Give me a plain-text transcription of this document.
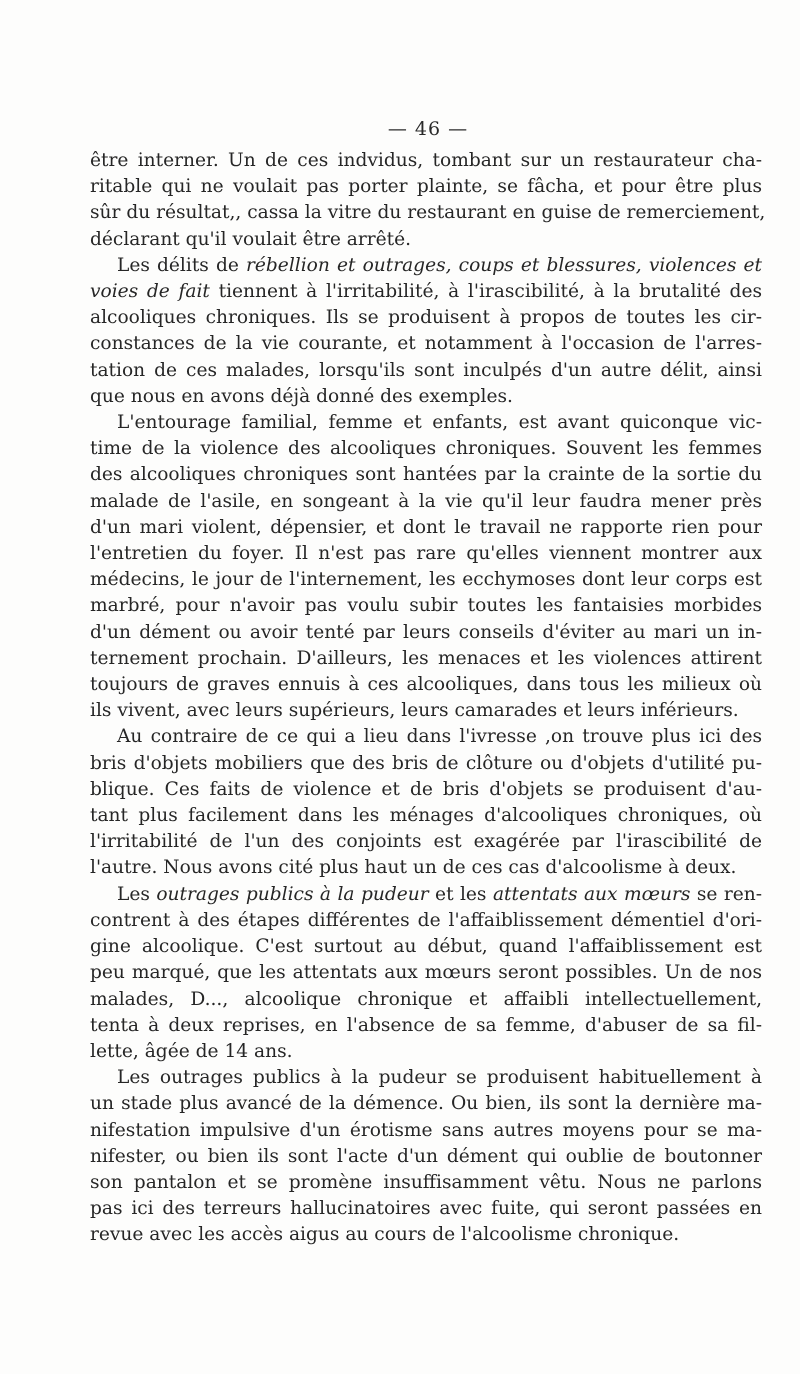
— 46 —
être interner. Un de ces indvidus, tombant sur un restaurateur cha-
ritable qui ne voulait pas porter plainte, se fâcha, et pour être plus
sûr du résultat,, cassa la vitre du restaurant en guise de remerciement,
déclarant qu'il voulait être arrêté.
Les délits de rébellion et outrages, coups et blessures, violences et
voies de fait tiennent à l'irritabilité, à l'irascibilité, à la brutalité des
alcooliques chroniques. Ils se produisent à propos de toutes les cir-
constances de la vie courante, et notamment à l'occasion de l'arres-
tation de ces malades, lorsqu'ils sont inculpés d'un autre délit, ainsi
que nous en avons déjà donné des exemples.
L'entourage familial, femme et enfants, est avant quiconque vic-
time de la violence des alcooliques chroniques. Souvent les femmes
des alcooliques chroniques sont hantées par la crainte de la sortie du
malade de l'asile, en songeant à la vie qu'il leur faudra mener près
d'un mari violent, dépensier, et dont le travail ne rapporte rien pour
l'entretien du foyer. Il n'est pas rare qu'elles viennent montrer aux
médecins, le jour de l'internement, les ecchymoses dont leur corps est
marbré, pour n'avoir pas voulu subir toutes les fantaisies morbides
d'un dément ou avoir tenté par leurs conseils d'éviter au mari un in-
ternement prochain. D'ailleurs, les menaces et les violences attirent
toujours de graves ennuis à ces alcooliques, dans tous les milieux où
ils vivent, avec leurs supérieurs, leurs camarades et leurs inférieurs.
Au contraire de ce qui a lieu dans l'ivresse ,on trouve plus ici des
bris d'objets mobiliers que des bris de clôture ou d'objets d'utilité pu-
blique. Ces faits de violence et de bris d'objets se produisent d'au-
tant plus facilement dans les ménages d'alcooliques chroniques, où
l'irritabilité de l'un des conjoints est exagérée par l'irascibilité de
l'autre. Nous avons cité plus haut un de ces cas d'alcoolisme à deux.
Les outrages publics à la pudeur et les attentats aux mœurs se ren-
contrent à des étapes différentes de l'affaiblissement démentiel d'ori-
gine alcoolique. C'est surtout au début, quand l'affaiblissement est
peu marqué, que les attentats aux mœurs seront possibles. Un de nos
malades, D..., alcoolique chronique et affaibli intellectuellement,
tenta à deux reprises, en l'absence de sa femme, d'abuser de sa fil-
lette, âgée de 14 ans.
Les outrages publics à la pudeur se produisent habituellement à
un stade plus avancé de la démence. Ou bien, ils sont la dernière ma-
nifestation impulsive d'un érotisme sans autres moyens pour se ma-
nifester, ou bien ils sont l'acte d'un dément qui oublie de boutonner
son pantalon et se promène insuffisamment vêtu. Nous ne parlons
pas ici des terreurs hallucinatoires avec fuite, qui seront passées en
revue avec les accès aigus au cours de l'alcoolisme chronique.
